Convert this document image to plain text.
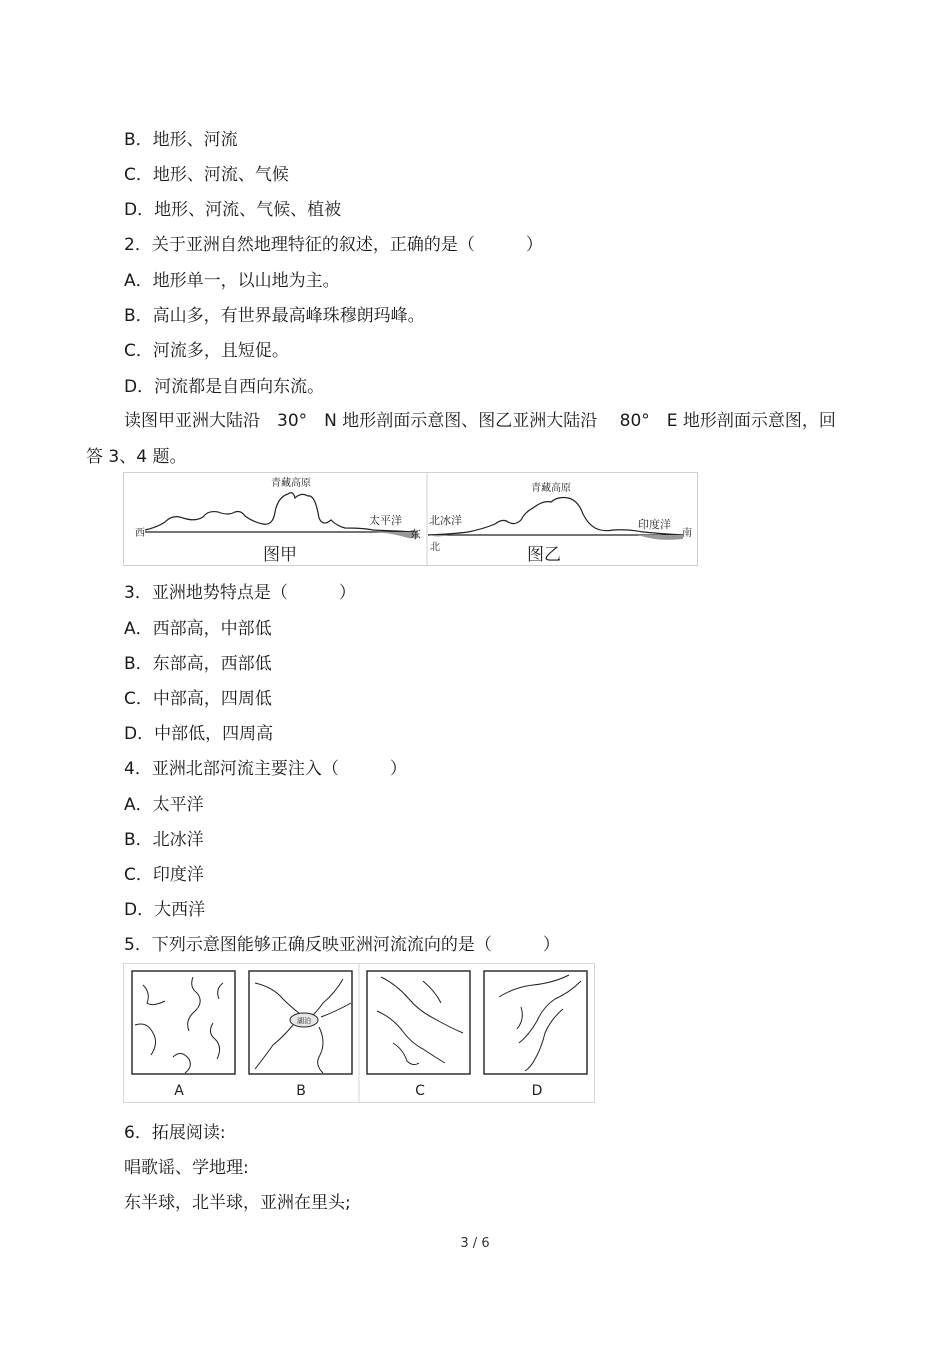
B．地形、河流
C．地形、河流、气候
D．地形、河流、气候、植被
2．关于亚洲自然地理特征的叙述，正确的是（　　　）
A．地形单一，以山地为主。
B．高山多，有世界最高峰珠穆朗玛峰。
C．河流多，且短促。
D．河流都是自西向东流。
读图甲亚洲大陆沿　30°　N 地形剖面示意图、图乙亚洲大陆沿　 80°　E 地形剖面示意图，回
答 3、4 题。
青藏高原
西
太平洋
东
图甲
青藏高原
北冰洋
北
印度洋
南
图乙
3．亚洲地势特点是（　　　）
A．西部高，中部低
B．东部高，西部低
C．中部高，四周低
D．中部低，四周高
4．亚洲北部河流主要注入（　　　）
A．太平洋
B．北冰洋
C．印度洋
D．大西洋
5．下列示意图能够正确反映亚洲河流流向的是（　　　）
A
湖泊
B	C	D
6．拓展阅读:
唱歌谣、学地理:
东半球，北半球，亚洲在里头;
3 / 6
